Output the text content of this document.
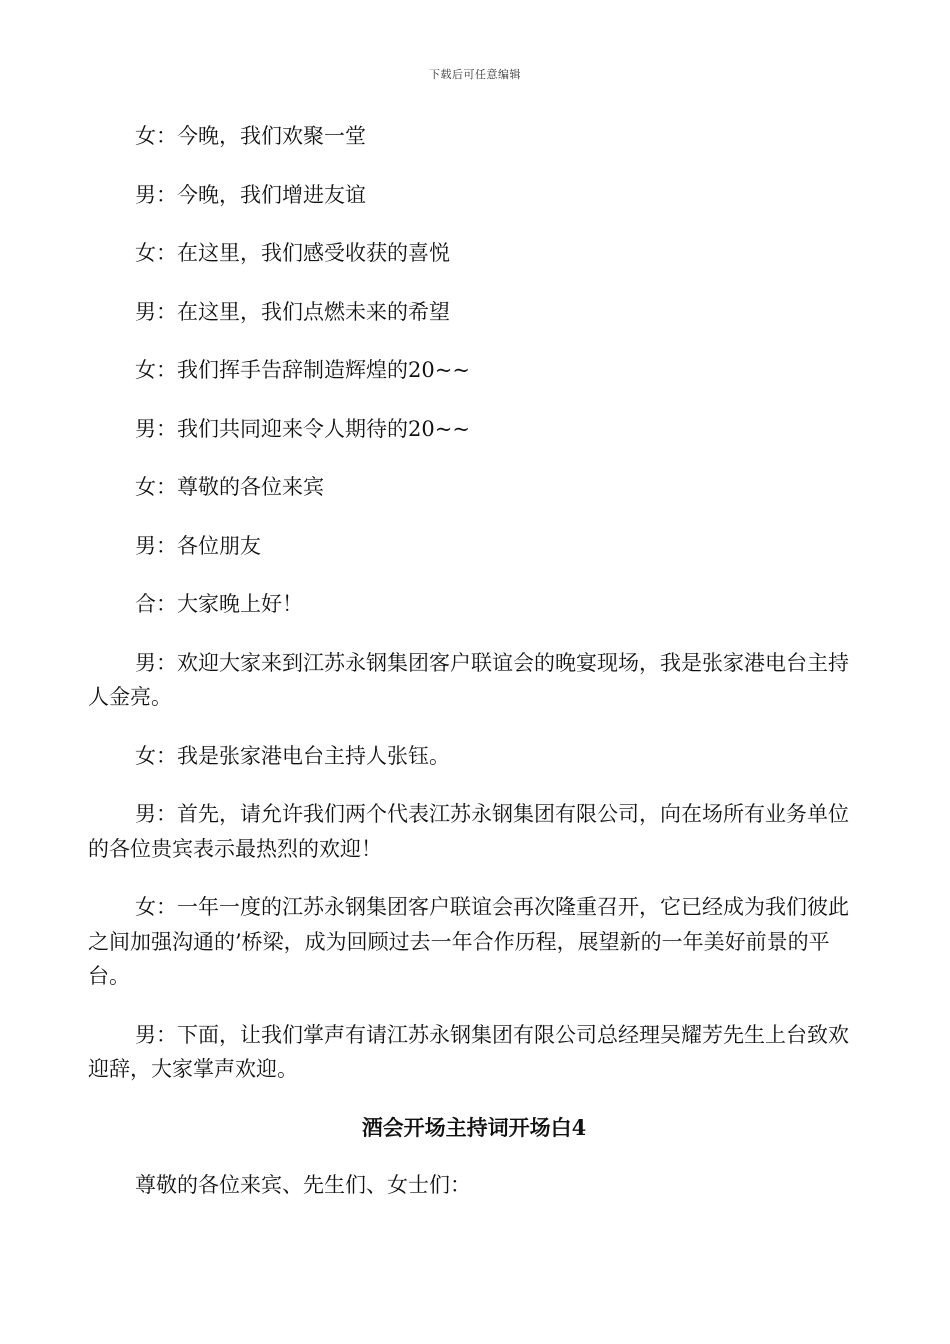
下载后可任意编辑

女：今晚，我们欢聚一堂

男：今晚，我们增进友谊

女：在这里，我们感受收获的喜悦

男：在这里，我们点燃未来的希望

女：我们挥手告辞制造辉煌的20~~

男：我们共同迎来令人期待的20~~

女：尊敬的各位来宾

男：各位朋友

合：大家晚上好！

男：欢迎大家来到江苏永钢集团客户联谊会的晚宴现场，我是张家港电台主持人金亮。

女：我是张家港电台主持人张钰。

男：首先，请允许我们两个代表江苏永钢集团有限公司，向在场所有业务单位的各位贵宾表示最热烈的欢迎！

女：一年一度的江苏永钢集团客户联谊会再次隆重召开，它已经成为我们彼此之间加强沟通的’桥梁，成为回顾过去一年合作历程，展望新的一年美好前景的平台。

男：下面，让我们掌声有请江苏永钢集团有限公司总经理吴耀芳先生上台致欢迎辞，大家掌声欢迎。

酒会开场主持词开场白4

尊敬的各位来宾、先生们、女士们：
